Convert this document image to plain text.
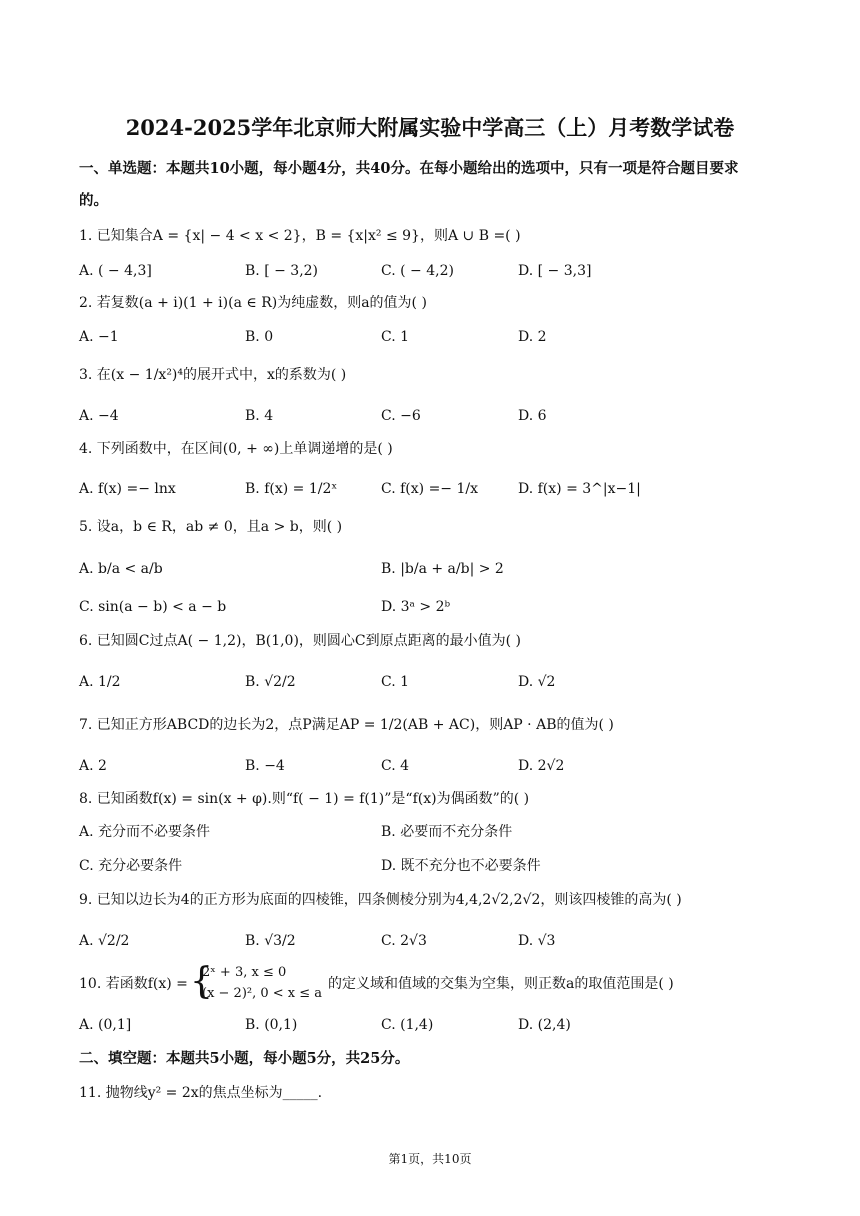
2024-2025学年北京师大附属实验中学高三（上）月考数学试卷
一、单选题：本题共10小题，每小题4分，共40分。在每小题给出的选项中，只有一项是符合题目要求
的。
1. 已知集合A = {x| − 4 < x < 2}，B = {x|x² ≤ 9}，则A ∪ B =( )
A. ( − 4,3]	B. [ − 3,2)	C. ( − 4,2)	D. [ − 3,3]
2. 若复数(a + i)(1 + i)(a ∈ R)为纯虚数，则a的值为( )
A. −1	B. 0	C. 1	D. 2
3. 在(x − 1/x²)⁴的展开式中，x的系数为( )
A. −4	B. 4	C. −6	D. 6
4. 下列函数中，在区间(0, + ∞)上单调递增的是( )
A. f(x) =− lnx	B. f(x) = 1/2ˣ	C. f(x) =− 1/x	D. f(x) = 3^|x−1|
5. 设a，b ∈ R，ab ≠ 0，且a > b，则( )
A. b/a < a/b	B. |b/a + a/b| > 2
C. sin(a − b) < a − b	D. 3ᵃ > 2ᵇ
6. 已知圆C过点A( − 1,2)，B(1,0)，则圆心C到原点距离的最小值为( )
A. 1/2	B. √2/2	C. 1	D. √2
7. 已知正方形ABCD的边长为2，点P满足AP = 1/2(AB + AC)，则AP · AB的值为( )
A. 2	B. −4	C. 4	D. 2√2
8. 已知函数f(x) = sin(x + φ).则“f( − 1) = f(1)”是“f(x)为偶函数”的( )
A. 充分而不必要条件	B. 必要而不充分条件
C. 充分必要条件	D. 既不充分也不必要条件
9. 已知以边长为4的正方形为底面的四棱锥，四条侧棱分别为4,4,2√2,2√2，则该四棱锥的高为( )
A. √2/2	B. √3/2	C. 2√3	D. √3
10. 若函数f(x) = {
2ˣ + 3, x ≤ 0
(x − 2)², 0 < x ≤ a
的定义域和值域的交集为空集，则正数a的取值范围是( )
A. (0,1]	B. (0,1)	C. (1,4)	D. (2,4)
二、填空题：本题共5小题，每小题5分，共25分。
11. 抛物线y² = 2x的焦点坐标为_____.
第1页，共10页
